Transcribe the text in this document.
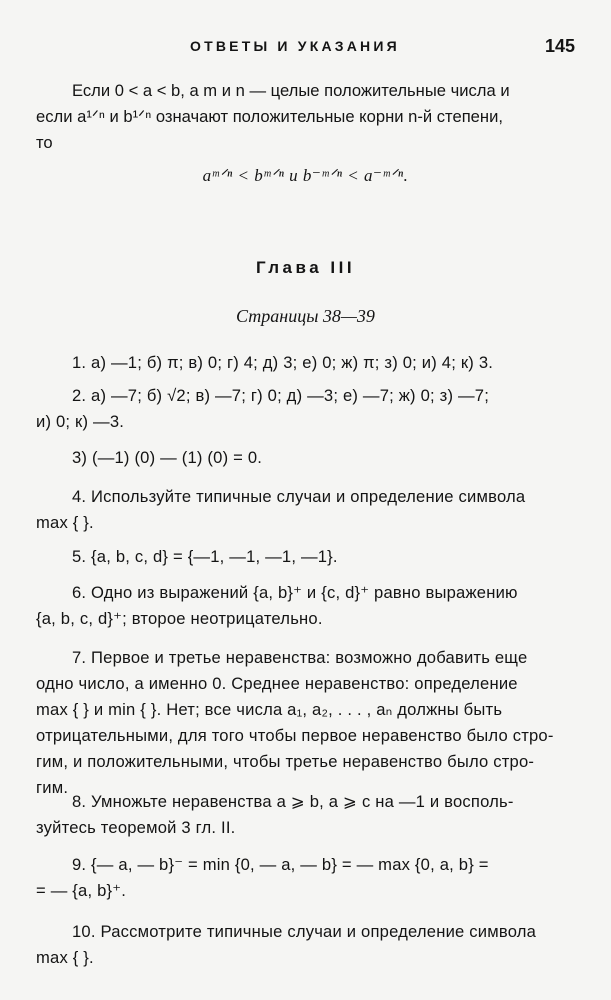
ОТВЕТЫ И УКАЗАНИЯ	145
Если 0 < a < b, а m и n — целые положительные числа и
если a¹ᐟⁿ и b¹ᐟⁿ означают положительные корни n-й степени,
то
aᵐᐟⁿ < bᵐᐟⁿ и b⁻ᵐᐟⁿ < a⁻ᵐᐟⁿ.
Глава III
Страницы 38—39
1. а) —1; б) π; в) 0; г) 4; д) 3; е) 0; ж) π; з) 0; и) 4; к) 3.
2. а) —7; б) √2; в) —7; г) 0; д) —3; е) —7; ж) 0; з) —7;
и) 0; к) —3.
3) (—1) (0) — (1) (0) = 0.
4. Используйте типичные случаи и определение символа
max { }.
5. {a, b, c, d} = {—1, —1, —1, —1}.
6. Одно из выражений {a, b}⁺ и {c, d}⁺ равно выражению
{a, b, c, d}⁺; второе неотрицательно.
7. Первое и третье неравенства: возможно добавить еще
одно число, а именно 0. Среднее неравенство: определение
max { } и min { }. Нет; все числа a₁, a₂, . . . , aₙ должны быть
отрицательными, для того чтобы первое неравенство было стро-
гим, и положительными, чтобы третье неравенство было стро-
гим.
8. Умножьте неравенства a ⩾ b, a ⩾ c на —1 и восполь-
зуйтесь теоремой 3 гл. II.
9. {— a, — b}⁻ = min {0, — a, — b} = — max {0, a, b} =
= — {a, b}⁺.
10. Рассмотрите типичные случаи и определение символа
max { }.
